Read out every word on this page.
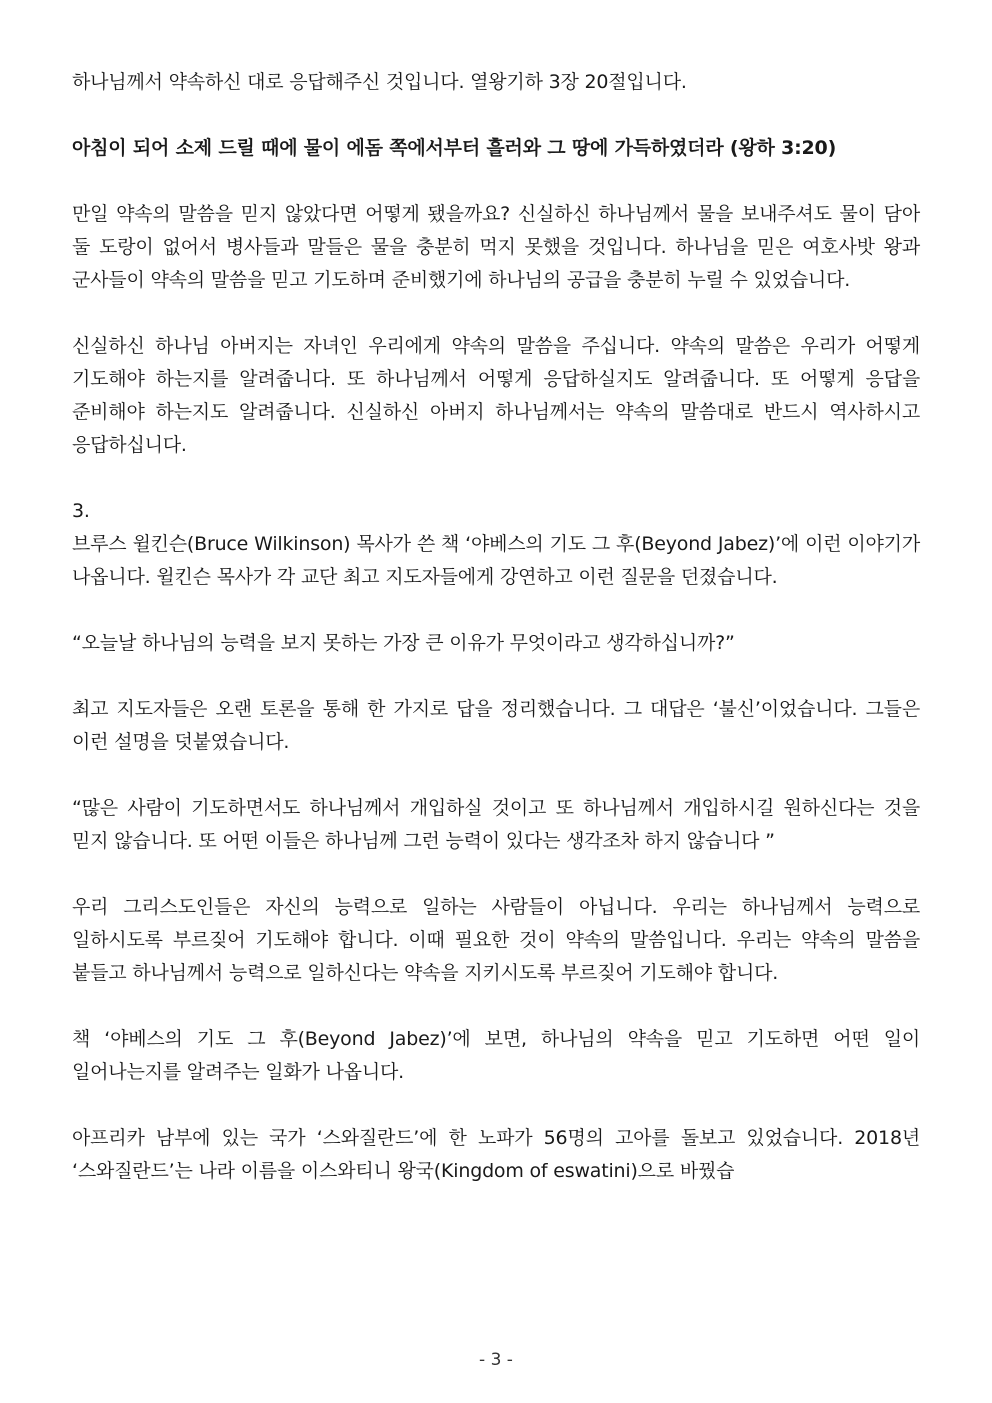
하나님께서 약속하신 대로 응답해주신 것입니다. 열왕기하 3장 20절입니다.

아침이 되어 소제 드릴 때에 물이 에돔 쪽에서부터 흘러와 그 땅에 가득하였더라 (왕하 3:20)

만일 약속의 말씀을 믿지 않았다면 어떻게 됐을까요? 신실하신 하나님께서 물을 보내주셔도 물이 담아 둘 도랑이 없어서 병사들과 말들은 물을 충분히 먹지 못했을 것입니다. 하나님을 믿은 여호사밧 왕과 군사들이 약속의 말씀을 믿고 기도하며 준비했기에 하나님의 공급을 충분히 누릴 수 있었습니다.

신실하신 하나님 아버지는 자녀인 우리에게 약속의 말씀을 주십니다. 약속의 말씀은 우리가 어떻게 기도해야 하는지를 알려줍니다. 또 하나님께서 어떻게 응답하실지도 알려줍니다. 또 어떻게 응답을 준비해야 하는지도 알려줍니다. 신실하신 아버지 하나님께서는 약속의 말씀대로 반드시 역사하시고 응답하십니다.

3.

브루스 윌킨슨(Bruce Wilkinson) 목사가 쓴 책 ‘야베스의 기도 그 후(Beyond Jabez)’에 이런 이야기가 나옵니다. 윌킨슨 목사가 각 교단 최고 지도자들에게 강연하고 이런 질문을 던졌습니다.

“오늘날 하나님의 능력을 보지 못하는 가장 큰 이유가 무엇이라고 생각하십니까?”

최고 지도자들은 오랜 토론을 통해 한 가지로 답을 정리했습니다. 그 대답은 ‘불신’이었습니다. 그들은 이런 설명을 덧붙였습니다.

“많은 사람이 기도하면서도 하나님께서 개입하실 것이고 또 하나님께서 개입하시길 원하신다는 것을 믿지 않습니다. 또 어떤 이들은 하나님께 그런 능력이 있다는 생각조차 하지 않습니다 ”

우리 그리스도인들은 자신의 능력으로 일하는 사람들이 아닙니다. 우리는 하나님께서 능력으로 일하시도록 부르짖어 기도해야 합니다. 이때 필요한 것이 약속의 말씀입니다. 우리는 약속의 말씀을 붙들고 하나님께서 능력으로 일하신다는 약속을 지키시도록 부르짖어 기도해야 합니다.

책 ‘야베스의 기도 그 후(Beyond Jabez)’에 보면, 하나님의 약속을 믿고 기도하면 어떤 일이 일어나는지를 알려주는 일화가 나옵니다.

아프리카 남부에 있는 국가 ‘스와질란드’에 한 노파가 56명의 고아를 돌보고 있었습니다. 2018년 ‘스와질란드’는 나라 이름을 이스와티니 왕국(Kingdom of eswatini)으로 바꿨습

- 3 -
